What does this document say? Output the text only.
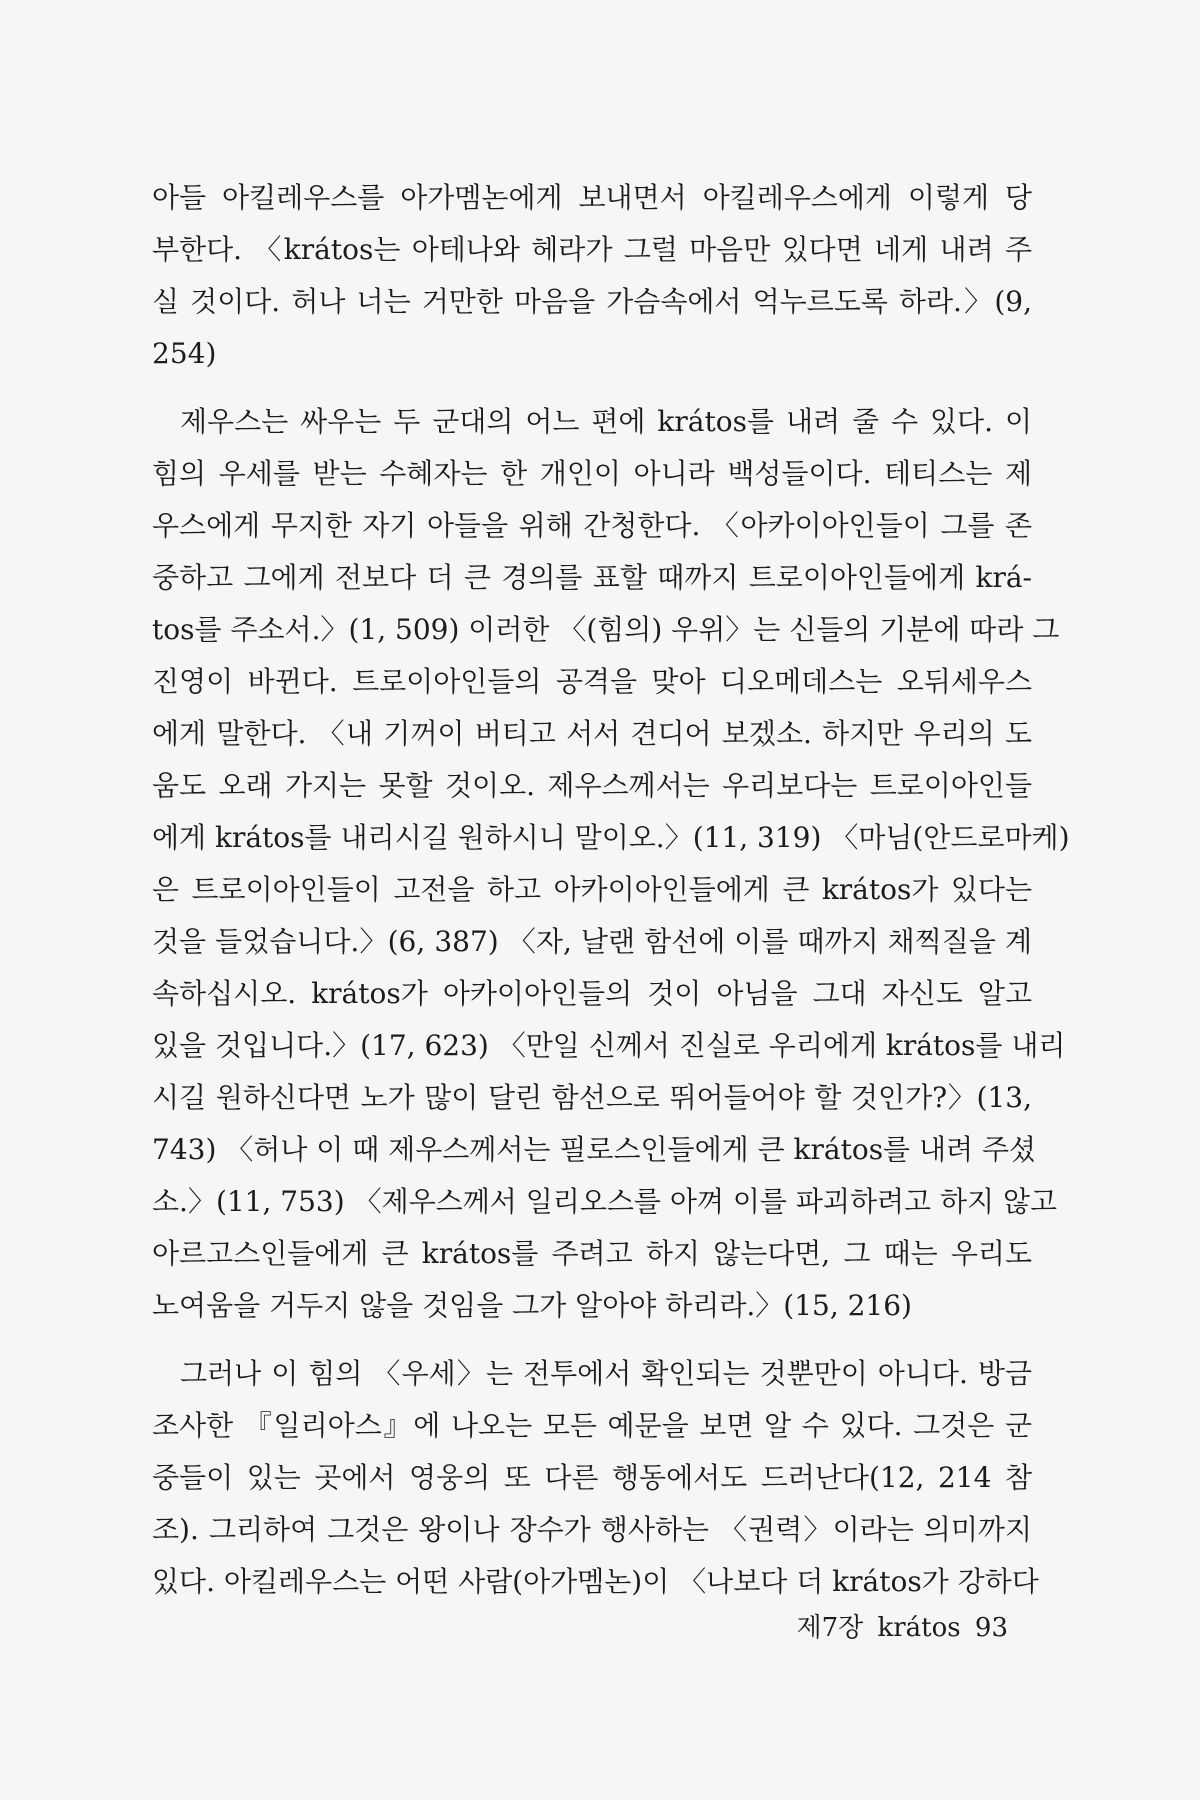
아들 아킬레우스를 아가멤논에게 보내면서 아킬레우스에게 이렇게 당
부한다. 〈krátos는 아테나와 헤라가 그럴 마음만 있다면 네게 내려 주
실 것이다. 허나 너는 거만한 마음을 가슴속에서 억누르도록 하라.〉(9,
254)
제우스는 싸우는 두 군대의 어느 편에 krátos를 내려 줄 수 있다. 이
힘의 우세를 받는 수혜자는 한 개인이 아니라 백성들이다. 테티스는 제
우스에게 무지한 자기 아들을 위해 간청한다. 〈아카이아인들이 그를 존
중하고 그에게 전보다 더 큰 경의를 표할 때까지 트로이아인들에게 krá-
tos를 주소서.〉(1, 509) 이러한 〈(힘의) 우위〉는 신들의 기분에 따라 그
진영이 바뀐다. 트로이아인들의 공격을 맞아 디오메데스는 오뒤세우스
에게 말한다. 〈내 기꺼이 버티고 서서 견디어 보겠소. 하지만 우리의 도
움도 오래 가지는 못할 것이오. 제우스께서는 우리보다는 트로이아인들
에게 krátos를 내리시길 원하시니 말이오.〉(11, 319) 〈마님(안드로마케)
은 트로이아인들이 고전을 하고 아카이아인들에게 큰 krátos가 있다는
것을 들었습니다.〉(6, 387) 〈자, 날랜 함선에 이를 때까지 채찍질을 계
속하십시오. krátos가 아카이아인들의 것이 아님을 그대 자신도 알고
있을 것입니다.〉(17, 623) 〈만일 신께서 진실로 우리에게 krátos를 내리
시길 원하신다면 노가 많이 달린 함선으로 뛰어들어야 할 것인가?〉(13,
743) 〈허나 이 때 제우스께서는 필로스인들에게 큰 krátos를 내려 주셨
소.〉(11, 753) 〈제우스께서 일리오스를 아껴 이를 파괴하려고 하지 않고
아르고스인들에게 큰 krátos를 주려고 하지 않는다면, 그 때는 우리도
노여움을 거두지 않을 것임을 그가 알아야 하리라.〉(15, 216)
그러나 이 힘의 〈우세〉는 전투에서 확인되는 것뿐만이 아니다. 방금
조사한 『일리아스』에 나오는 모든 예문을 보면 알 수 있다. 그것은 군
중들이 있는 곳에서 영웅의 또 다른 행동에서도 드러난다(12, 214 참
조). 그리하여 그것은 왕이나 장수가 행사하는 〈권력〉이라는 의미까지
있다. 아킬레우스는 어떤 사람(아가멤논)이 〈나보다 더 krátos가 강하다
제7장 krátos 93
